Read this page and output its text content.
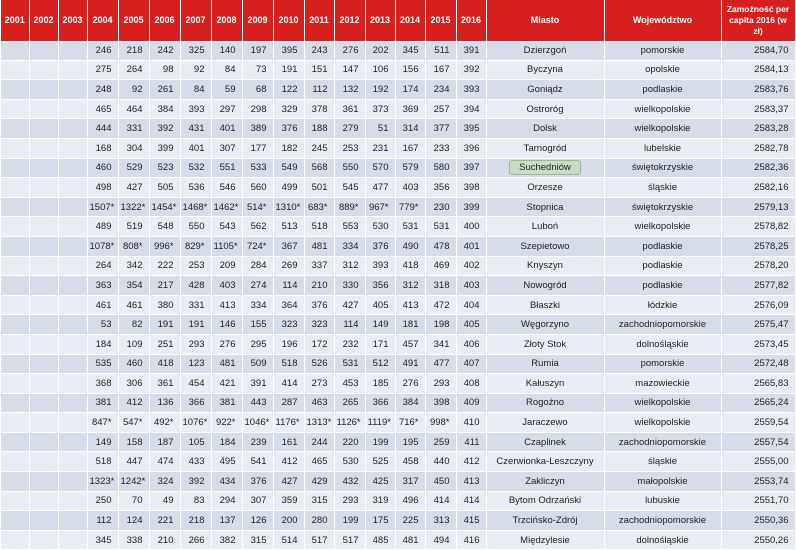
2001	2002	2003	2004	2005	2006	2007	2008	2009	2010	2011	2012	2013	2014	2015	2016	Miasto	Województwo	Zamożność per capita 2016 (w zł)
			246	218	242	325	140	197	395	243	276	202	345	511	391	Dzierzgoń	pomorskie	2584,70
			275	264	98	92	84	73	191	151	147	106	156	167	392	Byczyna	opolskie	2584,13
			248	92	261	84	59	68	122	112	132	192	174	234	393	Goniądz	podlaskie	2583,76
			465	464	384	393	297	298	329	378	361	373	369	257	394	Ostroróg	wielkopolskie	2583,37
			444	331	392	431	401	389	376	188	279	51	314	377	395	Dolsk	wielkopolskie	2583,28
			168	304	399	401	307	177	182	245	253	231	167	233	396	Tarnogród	lubelskie	2582,78
			460	529	523	532	551	533	549	568	550	570	579	580	397	Suchedniów	świętokrzyskie	2582,36
			498	427	505	536	546	560	499	501	545	477	403	356	398	Orzesze	śląskie	2582,16
			1507*	1322*	1454*	1468*	1462*	514*	1310*	683*	889*	967*	779*	230	399	Stopnica	świętokrzyskie	2579,13
			489	519	548	550	543	562	513	518	553	530	531	531	400	Luboń	wielkopolskie	2578,82
			1078*	808*	996*	829*	1105*	724*	367	481	334	376	490	478	401	Szepietowo	podlaskie	2578,25
			264	342	222	253	209	284	269	337	312	393	418	469	402	Knyszyn	podlaskie	2578,20
			363	354	217	428	403	274	114	210	330	356	312	318	403	Nowogród	podlaskie	2577,82
			461	461	380	331	413	334	364	376	427	405	413	472	404	Błaszki	łódzkie	2576,09
			53	82	191	191	146	155	323	323	114	149	181	198	405	Węgorzyno	zachodniopomorskie	2575,47
			184	109	251	293	276	295	196	172	232	171	457	341	406	Złoty Stok	dolnośląskie	2573,45
			535	460	418	123	481	509	518	526	531	512	491	477	407	Rumia	pomorskie	2572,48
			368	306	361	454	421	391	414	273	453	185	276	293	408	Kałuszyn	mazowieckie	2565,83
			381	412	136	366	381	443	287	463	265	366	384	398	409	Rogoźno	wielkopolskie	2565,24
			847*	547*	492*	1076*	922*	1046*	1176*	1313*	1126*	1119*	716*	998*	410	Jaraczewo	wielkopolskie	2559,54
			149	158	187	105	184	239	161	244	220	199	195	259	411	Czaplinek	zachodniopomorskie	2557,54
			518	447	474	433	495	541	412	465	530	525	458	440	412	Czerwionka-Leszczyny	śląskie	2555,00
			1323*	1242*	324	392	434	376	427	429	432	425	317	450	413	Zakliczyn	małopolskie	2553,74
			250	70	49	83	294	307	359	315	293	319	496	414	414	Bytom Odrzański	lubuskie	2551,70
			112	124	221	218	137	126	200	280	199	175	225	313	415	Trzcińsko-Zdrój	zachodniopomorskie	2550,36
			345	338	210	266	382	315	514	517	517	485	481	494	416	Międzylesie	dolnośląskie	2550,26
